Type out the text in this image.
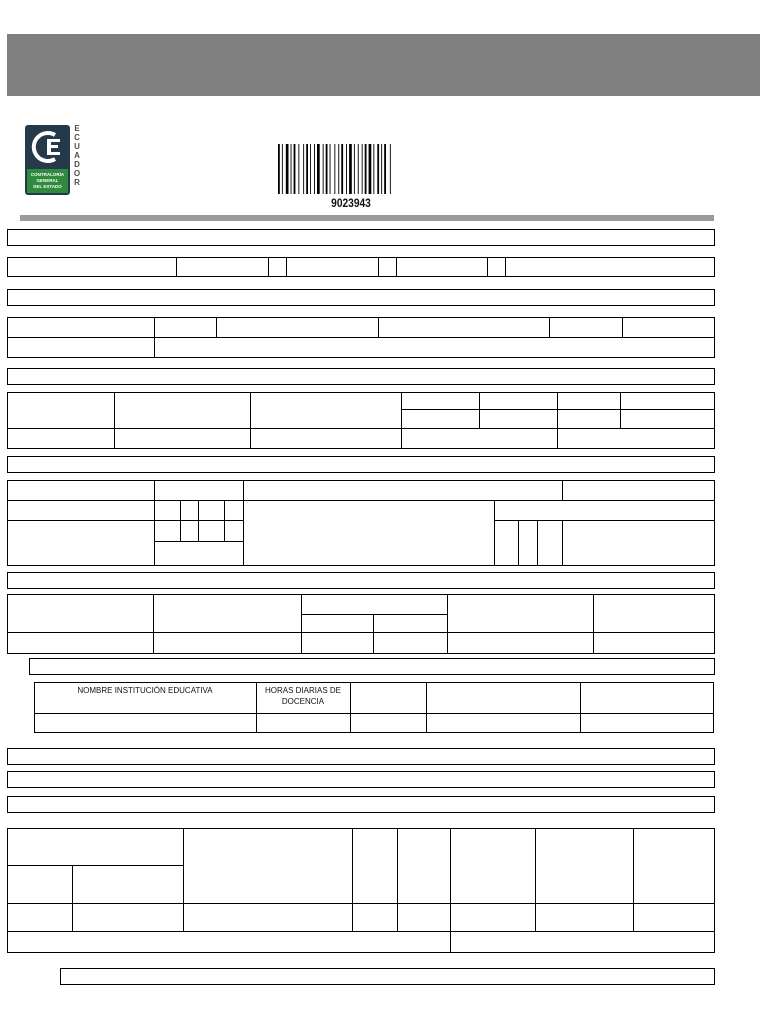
CONTRALORÍA
GENERAL
DEL ESTADO
E
C
U
A
D
O
R
9023943
NOMBRE INSTITUCIÓN EDUCATIVA	HORAS DIARIAS DE
DOCENCIA
